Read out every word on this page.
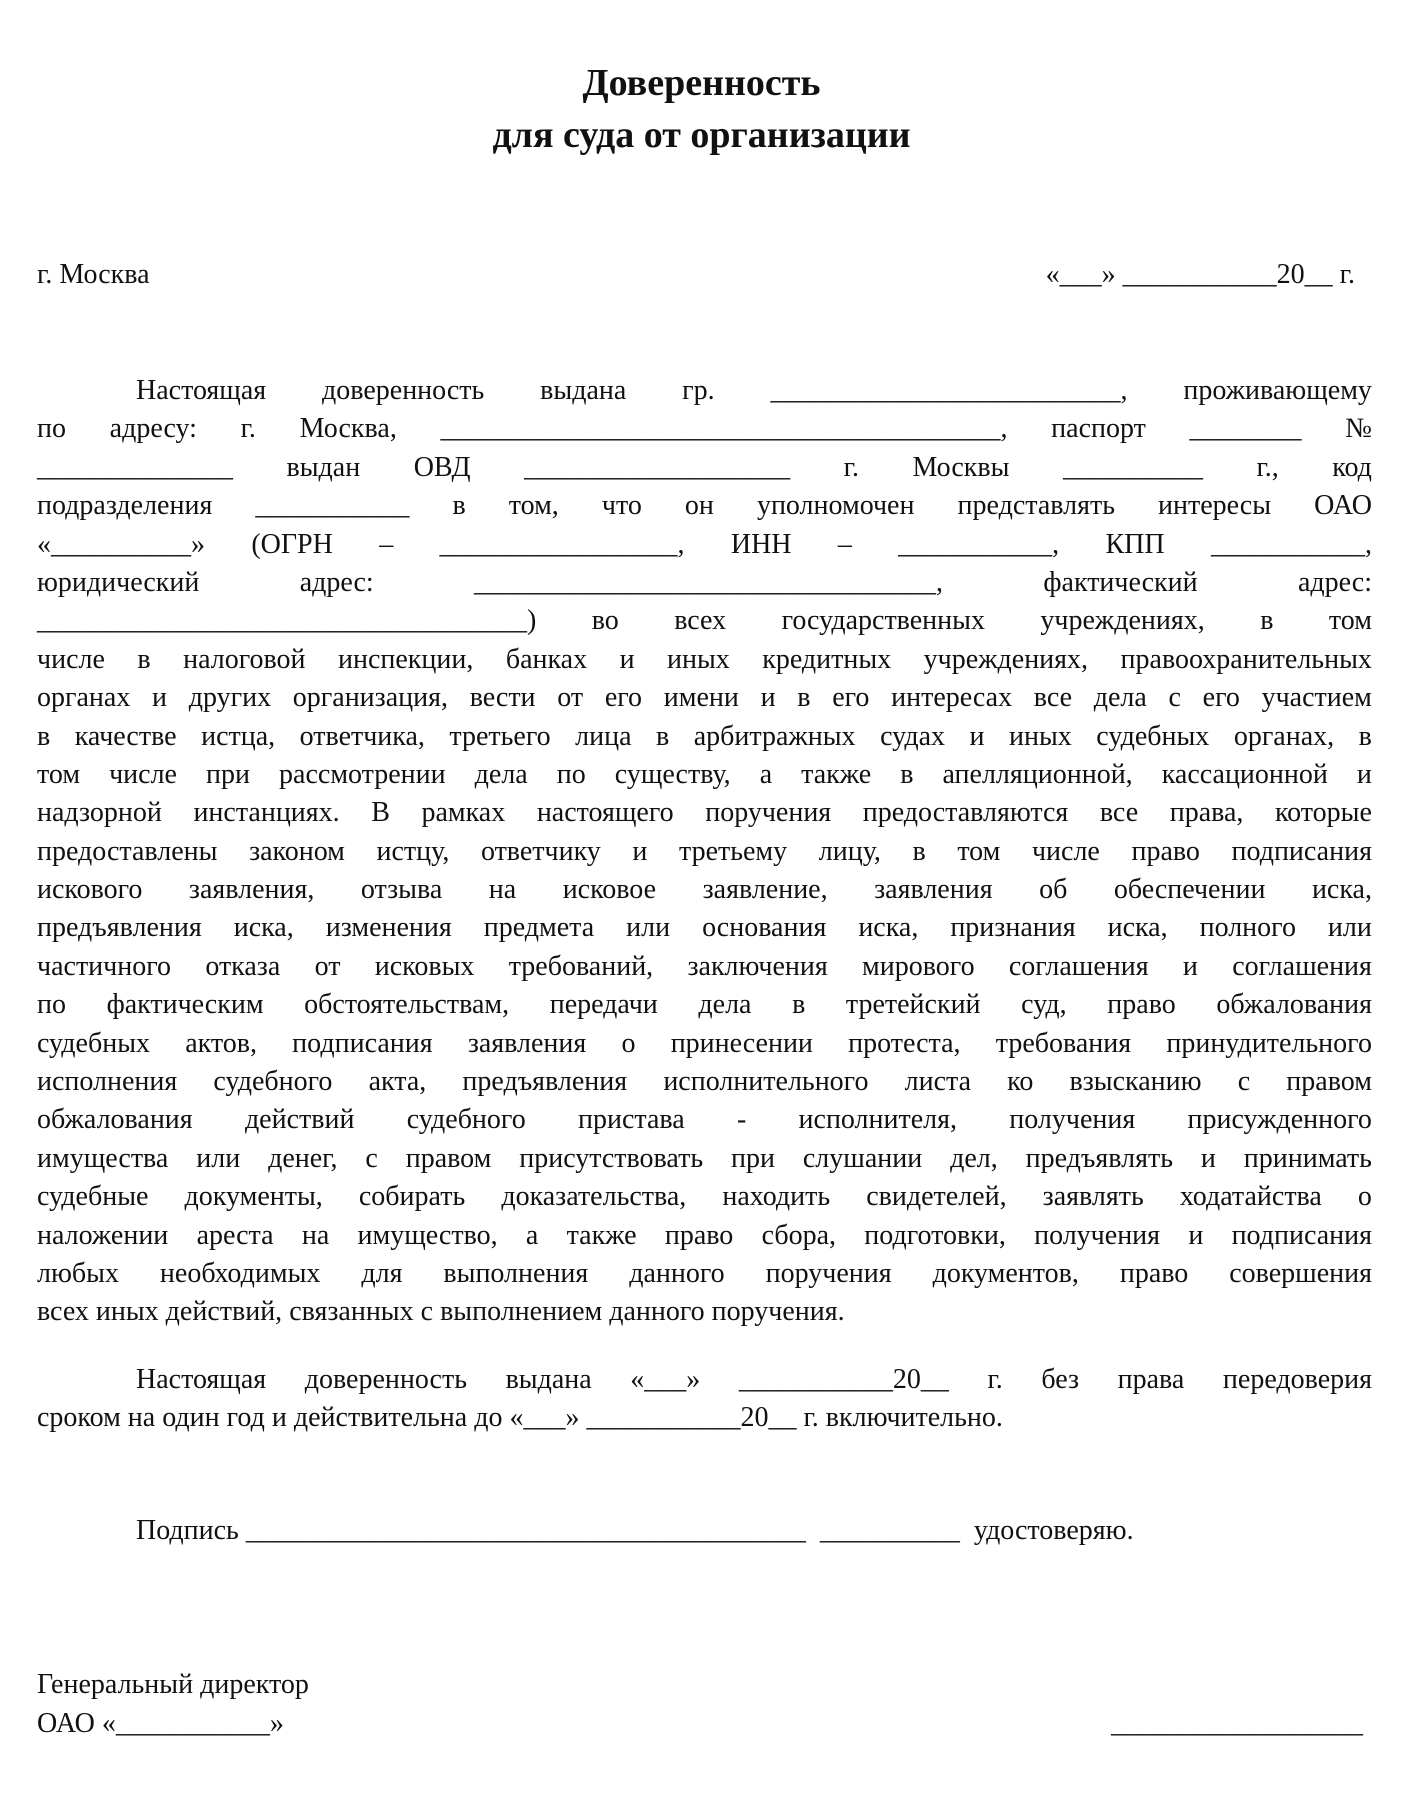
Доверенность
для суда от организации
г. Москва	«___» ___________20__ г.
Настоящая доверенность выдана гр. _________________________, проживающему
по адресу: г. Москва, ________________________________________, паспорт ________ №
______________ выдан ОВД ___________________ г. Москвы __________ г., код
подразделения ___________ в том, что он уполномочен представлять интересы ОАО
«__________» (ОГРН – _________________, ИНН – ___________, КПП ___________,
юридический	адрес:	_________________________________,	фактический	адрес:
___________________________________) во всех государственных учреждениях, в том
числе в налоговой инспекции, банках и иных кредитных учреждениях, правоохранительных
органах и других организация, вести от его имени и в его интересах все дела с его участием
в качестве истца, ответчика, третьего лица в арбитражных судах и иных судебных органах, в
том числе при рассмотрении дела по существу, а также в апелляционной, кассационной и
надзорной инстанциях. В рамках настоящего поручения предоставляются все права, которые
предоставлены законом истцу, ответчику и третьему лицу, в том числе право подписания
искового заявления, отзыва на исковое заявление, заявления об обеспечении иска,
предъявления иска, изменения предмета или основания иска, признания иска, полного или
частичного отказа от исковых требований, заключения мирового соглашения и соглашения
по фактическим обстоятельствам, передачи дела в третейский суд, право обжалования
судебных актов, подписания заявления о принесении протеста, требования принудительного
исполнения судебного акта, предъявления исполнительного листа ко взысканию с правом
обжалования действий судебного пристава - исполнителя, получения присужденного
имущества или денег, с правом присутствовать при слушании дел, предъявлять и принимать
судебные документы, собирать доказательства, находить свидетелей, заявлять ходатайства о
наложении ареста на имущество, а также право сбора, подготовки, получения и подписания
любых необходимых для выполнения данного поручения документов, право совершения
всех иных действий, связанных с выполнением данного поручения.
Настоящая доверенность выдана «___» ___________20__ г. без права передоверия
сроком на один год и действительна до «___» ___________20__ г. включительно.
Подпись ________________________________________  __________  удостоверяю.
Генеральный директор
ОАО «___________»	__________________
